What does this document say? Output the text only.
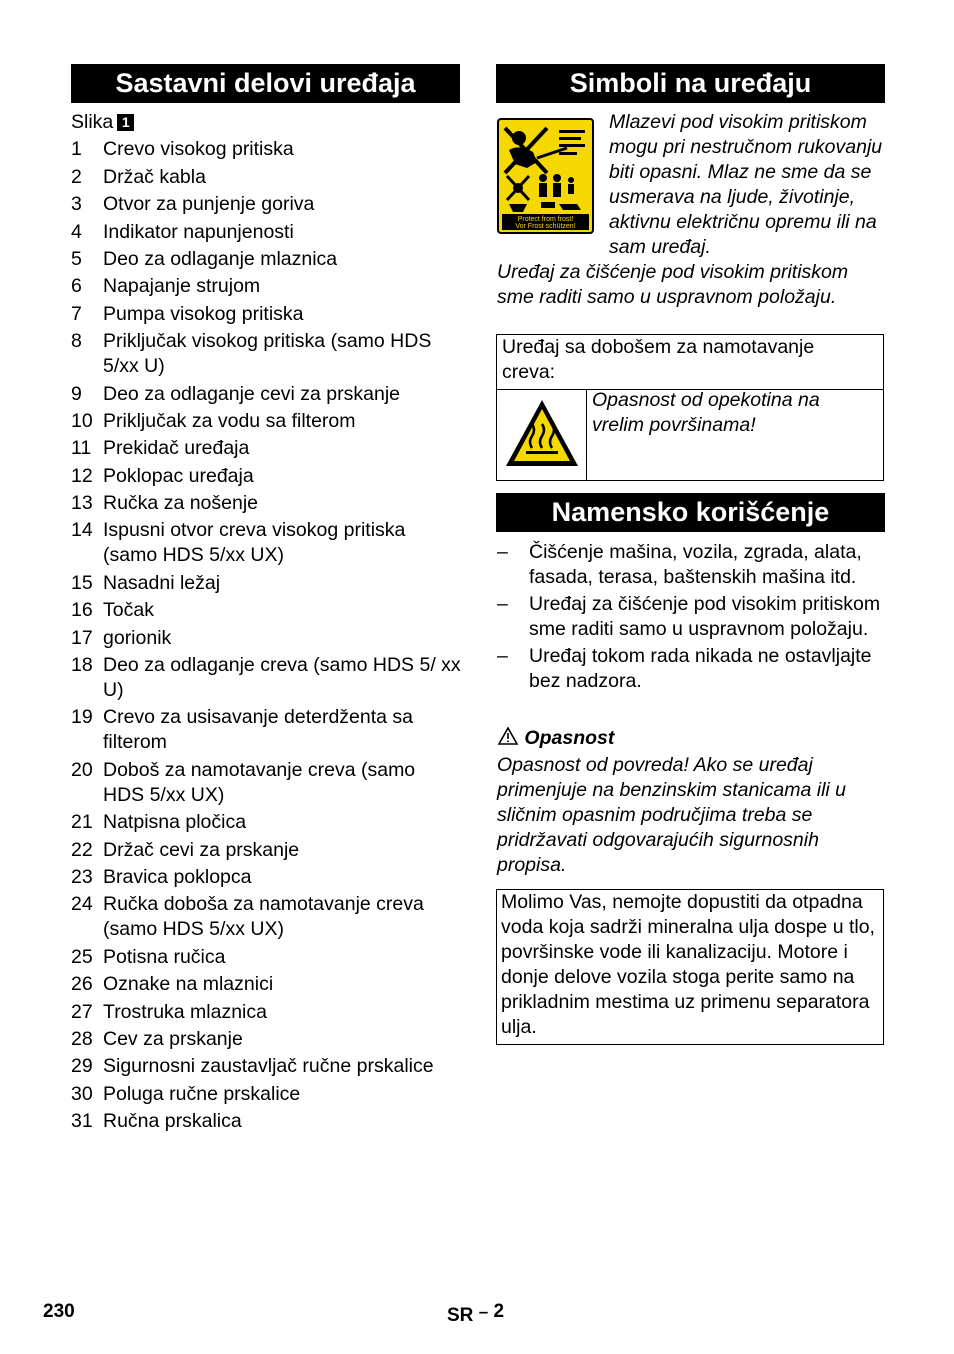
Sastavni delovi uređaja
Slika 1
1	Crevo visokog pritiska
2	Držač kabla
3	Otvor za punjenje goriva
4	Indikator napunjenosti
5	Deo za odlaganje mlaznica
6	Napajanje strujom
7	Pumpa visokog pritiska
8	Priključak visokog pritiska (samo HDS 5/xx U)
9	Deo za odlaganje cevi za prskanje
10 Priključak za vodu sa filterom
11 Prekidač uređaja
12 Poklopac uređaja
13 Ručka za nošenje
14 Ispusni otvor creva visokog pritiska (samo HDS 5/xx UX)
15 Nasadni ležaj
16 Točak
17 gorionik
18 Deo za odlaganje creva (samo HDS 5/ xx U)
19 Crevo za usisavanje deterdženta sa filterom
20 Doboš za namotavanje creva (samo HDS 5/xx UX)
21 Natpisna pločica
22 Držač cevi za prskanje
23 Bravica poklopca
24 Ručka doboša za namotavanje creva (samo HDS 5/xx UX)
25 Potisna ručica
26 Oznake na mlaznici
27 Trostruka mlaznica
28 Cev za prskanje
29 Sigurnosni zaustavljač ručne prskalice
30 Poluga ručne prskalice
31 Ručna prskalica
Simboli na uređaju
Protect from frost!
Vor Frost schützen!
Mlazevi pod visokim pritiskom mogu pri nestručnom rukovanju biti opasni. Mlaz ne sme da se usmerava na ljude, životinje, aktivnu električnu opremu ili na sam uređaj.
Uređaj za čišćenje pod visokim pritiskom sme raditi samo u uspravnom položaju.
Uređaj sa dobošem za namotavanje creva:
Opasnost od opekotina na vrelim površinama!
Namensko korišćenje
–	Čišćenje mašina, vozila, zgrada, alata, fasada, terasa, baštenskih mašina itd.
–	Uređaj za čišćenje pod visokim pritiskom sme raditi samo u uspravnom položaju.
–	Uređaj tokom rada nikada ne ostavljajte bez nadzora.
Opasnost
Opasnost od povreda! Ako se uređaj primenjuje na benzinskim stanicama ili u sličnim opasnim područjima treba se pridržavati odgovarajućih sigurnosnih propisa.
Molimo Vas, nemojte dopustiti da otpadna voda koja sadrži mineralna ulja dospe u tlo, površinske vode ili kanalizaciju. Motore i donje delove vozila stoga perite samo na prikladnim mestima uz primenu separatora ulja.
230	SR – 2
